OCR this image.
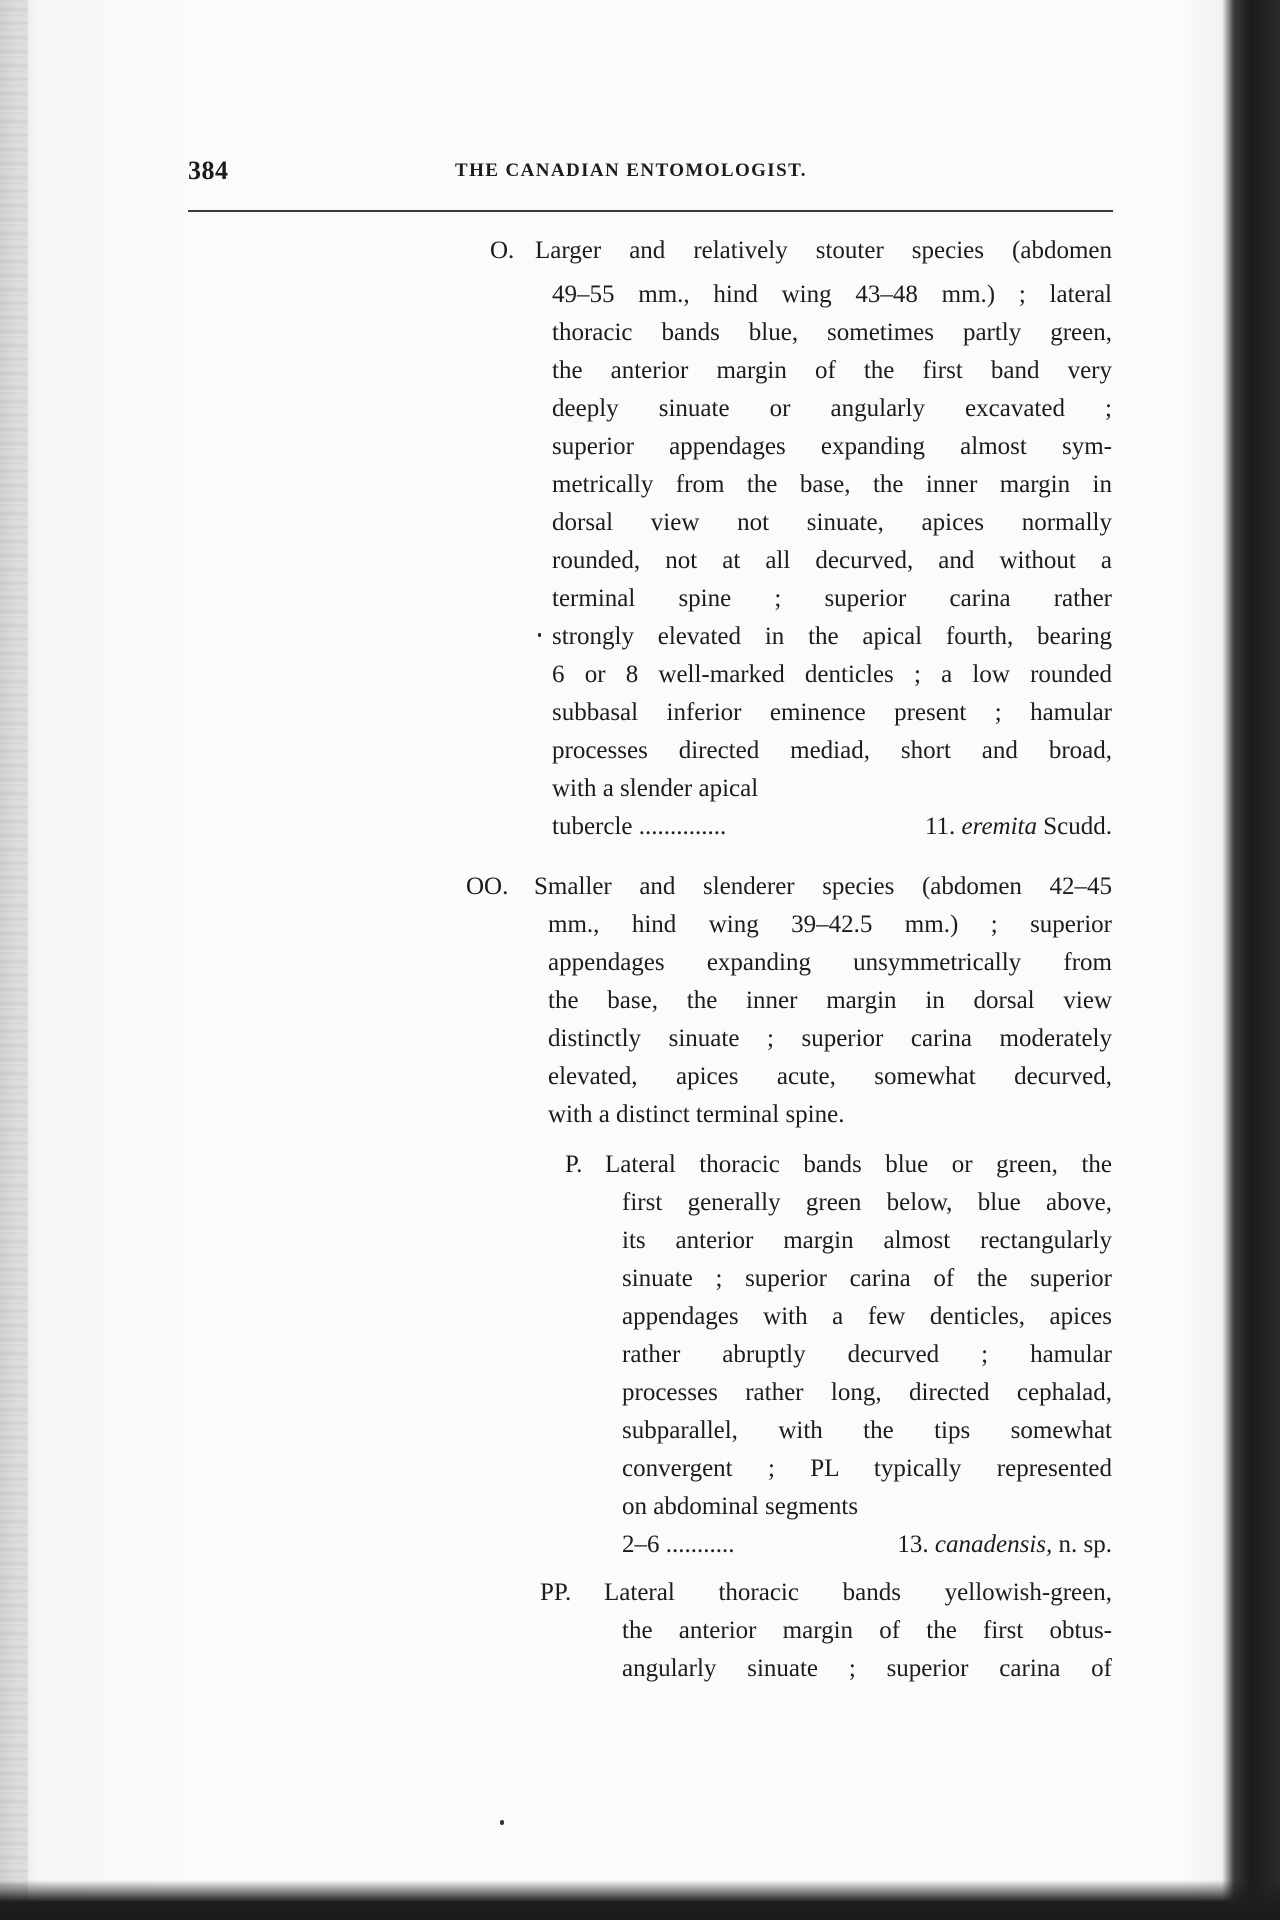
384	THE CANADIAN ENTOMOLOGIST.
O. Larger and relatively stouter species (abdomen
49–55 mm., hind wing 43–48 mm.) ; lateral
thoracic bands blue, sometimes partly green,
the anterior margin of the first band very
deeply sinuate or angularly excavated ;
superior appendages expanding almost sym-
metrically from the base, the inner margin in
dorsal view not sinuate, apices normally
rounded, not at all decurved, and without a
terminal spine ; superior carina rather
strongly elevated in the apical fourth, bearing
6 or 8 well-marked denticles ; a low rounded
subbasal inferior eminence present ; hamular
processes directed mediad, short and broad,
with a slender apical
tubercle ..............	11. eremita Scudd.
OO. Smaller and slenderer species (abdomen 42–45
mm., hind wing 39–42.5 mm.) ; superior
appendages expanding unsymmetrically from
the base, the inner margin in dorsal view
distinctly sinuate ; superior carina moderately
elevated, apices acute, somewhat decurved,
with a distinct terminal spine.
P. Lateral thoracic bands blue or green, the
first generally green below, blue above,
its anterior margin almost rectangularly
sinuate ; superior carina of the superior
appendages with a few denticles, apices
rather abruptly decurved ; hamular
processes rather long, directed cephalad,
subparallel, with the tips somewhat
convergent ; PL typically represented
on abdominal segments
2–6 ...........	13. canadensis, n. sp.
PP. Lateral thoracic bands yellowish-green,
the anterior margin of the first obtus-
angularly sinuate ; superior carina of
